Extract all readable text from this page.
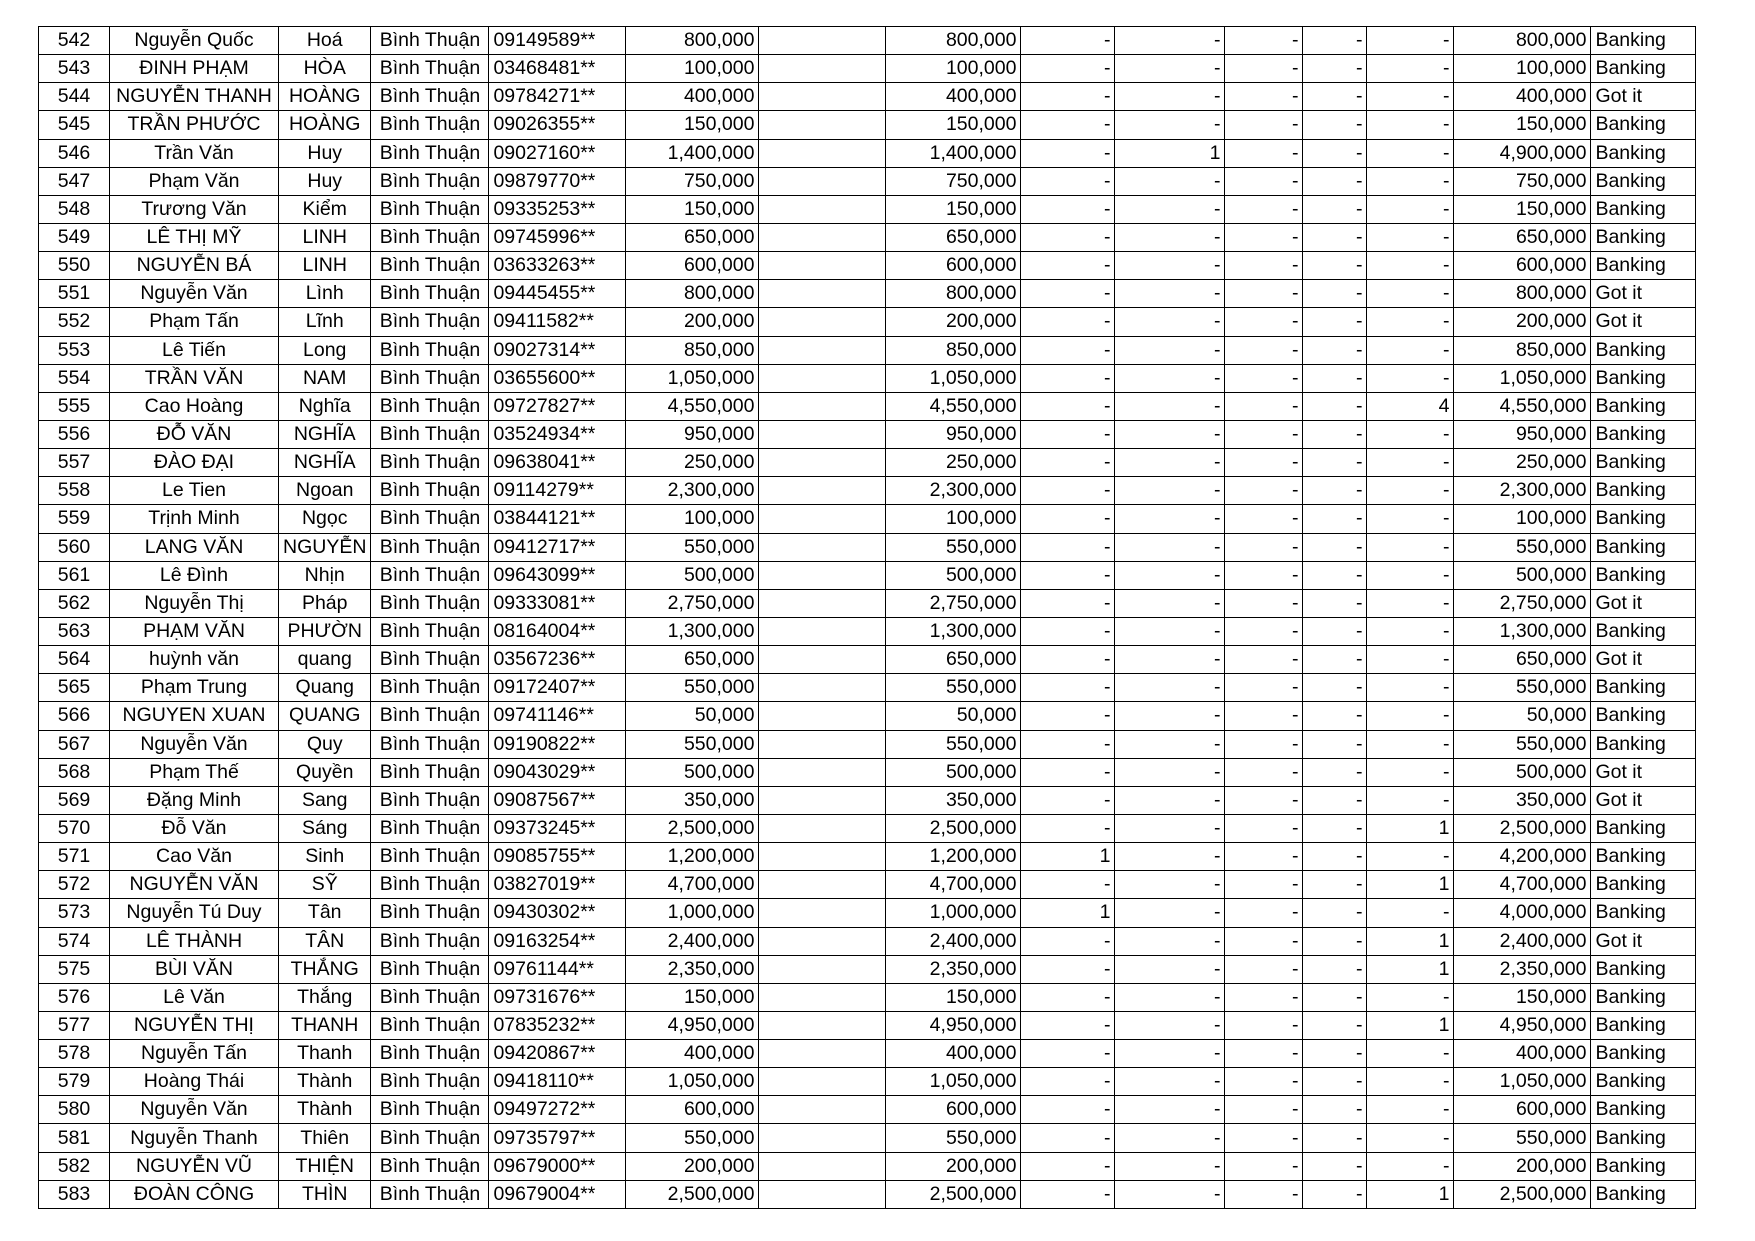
542	Nguyễn Quốc	Hoá	Bình Thuận	09149589**	800,000		800,000	-	-	-	-	-	800,000	Banking
543	ĐINH PHẠM	HÒA	Bình Thuận	03468481**	100,000		100,000	-	-	-	-	-	100,000	Banking
544	NGUYỄN THANH	HOÀNG	Bình Thuận	09784271**	400,000		400,000	-	-	-	-	-	400,000	Got it
545	TRẦN PHƯỚC	HOÀNG	Bình Thuận	09026355**	150,000		150,000	-	-	-	-	-	150,000	Banking
546	Trần Văn	Huy	Bình Thuận	09027160**	1,400,000		1,400,000	-	1	-	-	-	4,900,000	Banking
547	Phạm Văn	Huy	Bình Thuận	09879770**	750,000		750,000	-	-	-	-	-	750,000	Banking
548	Trương Văn	Kiểm	Bình Thuận	09335253**	150,000		150,000	-	-	-	-	-	150,000	Banking
549	LÊ THỊ MỸ	LINH	Bình Thuận	09745996**	650,000		650,000	-	-	-	-	-	650,000	Banking
550	NGUYỄN BÁ	LINH	Bình Thuận	03633263**	600,000		600,000	-	-	-	-	-	600,000	Banking
551	Nguyễn Văn	Lình	Bình Thuận	09445455**	800,000		800,000	-	-	-	-	-	800,000	Got it
552	Phạm Tấn	Lĩnh	Bình Thuận	09411582**	200,000		200,000	-	-	-	-	-	200,000	Got it
553	Lê Tiến	Long	Bình Thuận	09027314**	850,000		850,000	-	-	-	-	-	850,000	Banking
554	TRẦN VĂN	NAM	Bình Thuận	03655600**	1,050,000		1,050,000	-	-	-	-	-	1,050,000	Banking
555	Cao Hoàng	Nghĩa	Bình Thuận	09727827**	4,550,000		4,550,000	-	-	-	-	4	4,550,000	Banking
556	ĐỖ VĂN	NGHĨA	Bình Thuận	03524934**	950,000		950,000	-	-	-	-	-	950,000	Banking
557	ĐÀO ĐẠI	NGHĨA	Bình Thuận	09638041**	250,000		250,000	-	-	-	-	-	250,000	Banking
558	Le Tien	Ngoan	Bình Thuận	09114279**	2,300,000		2,300,000	-	-	-	-	-	2,300,000	Banking
559	Trịnh Minh	Ngọc	Bình Thuận	03844121**	100,000		100,000	-	-	-	-	-	100,000	Banking
560	LANG VĂN	NGUYỄN	Bình Thuận	09412717**	550,000		550,000	-	-	-	-	-	550,000	Banking
561	Lê Đình	Nhịn	Bình Thuận	09643099**	500,000		500,000	-	-	-	-	-	500,000	Banking
562	Nguyễn Thị	Pháp	Bình Thuận	09333081**	2,750,000		2,750,000	-	-	-	-	-	2,750,000	Got it
563	PHẠM VĂN	PHƯỜN	Bình Thuận	08164004**	1,300,000		1,300,000	-	-	-	-	-	1,300,000	Banking
564	huỳnh văn	quang	Bình Thuận	03567236**	650,000		650,000	-	-	-	-	-	650,000	Got it
565	Phạm Trung	Quang	Bình Thuận	09172407**	550,000		550,000	-	-	-	-	-	550,000	Banking
566	NGUYEN XUAN	QUANG	Bình Thuận	09741146**	50,000		50,000	-	-	-	-	-	50,000	Banking
567	Nguyễn Văn	Quy	Bình Thuận	09190822**	550,000		550,000	-	-	-	-	-	550,000	Banking
568	Phạm Thế	Quyền	Bình Thuận	09043029**	500,000		500,000	-	-	-	-	-	500,000	Got it
569	Đặng Minh	Sang	Bình Thuận	09087567**	350,000		350,000	-	-	-	-	-	350,000	Got it
570	Đỗ Văn	Sáng	Bình Thuận	09373245**	2,500,000		2,500,000	-	-	-	-	1	2,500,000	Banking
571	Cao Văn	Sinh	Bình Thuận	09085755**	1,200,000		1,200,000	1	-	-	-	-	4,200,000	Banking
572	NGUYỄN VĂN	SỸ	Bình Thuận	03827019**	4,700,000		4,700,000	-	-	-	-	1	4,700,000	Banking
573	Nguyễn Tú Duy	Tân	Bình Thuận	09430302**	1,000,000		1,000,000	1	-	-	-	-	4,000,000	Banking
574	LÊ THÀNH	TÂN	Bình Thuận	09163254**	2,400,000		2,400,000	-	-	-	-	1	2,400,000	Got it
575	BÙI VĂN	THẮNG	Bình Thuận	09761144**	2,350,000		2,350,000	-	-	-	-	1	2,350,000	Banking
576	Lê Văn	Thắng	Bình Thuận	09731676**	150,000		150,000	-	-	-	-	-	150,000	Banking
577	NGUYỄN THỊ	THANH	Bình Thuận	07835232**	4,950,000		4,950,000	-	-	-	-	1	4,950,000	Banking
578	Nguyễn Tấn	Thanh	Bình Thuận	09420867**	400,000		400,000	-	-	-	-	-	400,000	Banking
579	Hoàng Thái	Thành	Bình Thuận	09418110**	1,050,000		1,050,000	-	-	-	-	-	1,050,000	Banking
580	Nguyễn Văn	Thành	Bình Thuận	09497272**	600,000		600,000	-	-	-	-	-	600,000	Banking
581	Nguyễn Thanh	Thiên	Bình Thuận	09735797**	550,000		550,000	-	-	-	-	-	550,000	Banking
582	NGUYỄN VŨ	THIỆN	Bình Thuận	09679000**	200,000		200,000	-	-	-	-	-	200,000	Banking
583	ĐOÀN CÔNG	THÌN	Bình Thuận	09679004**	2,500,000		2,500,000	-	-	-	-	1	2,500,000	Banking
